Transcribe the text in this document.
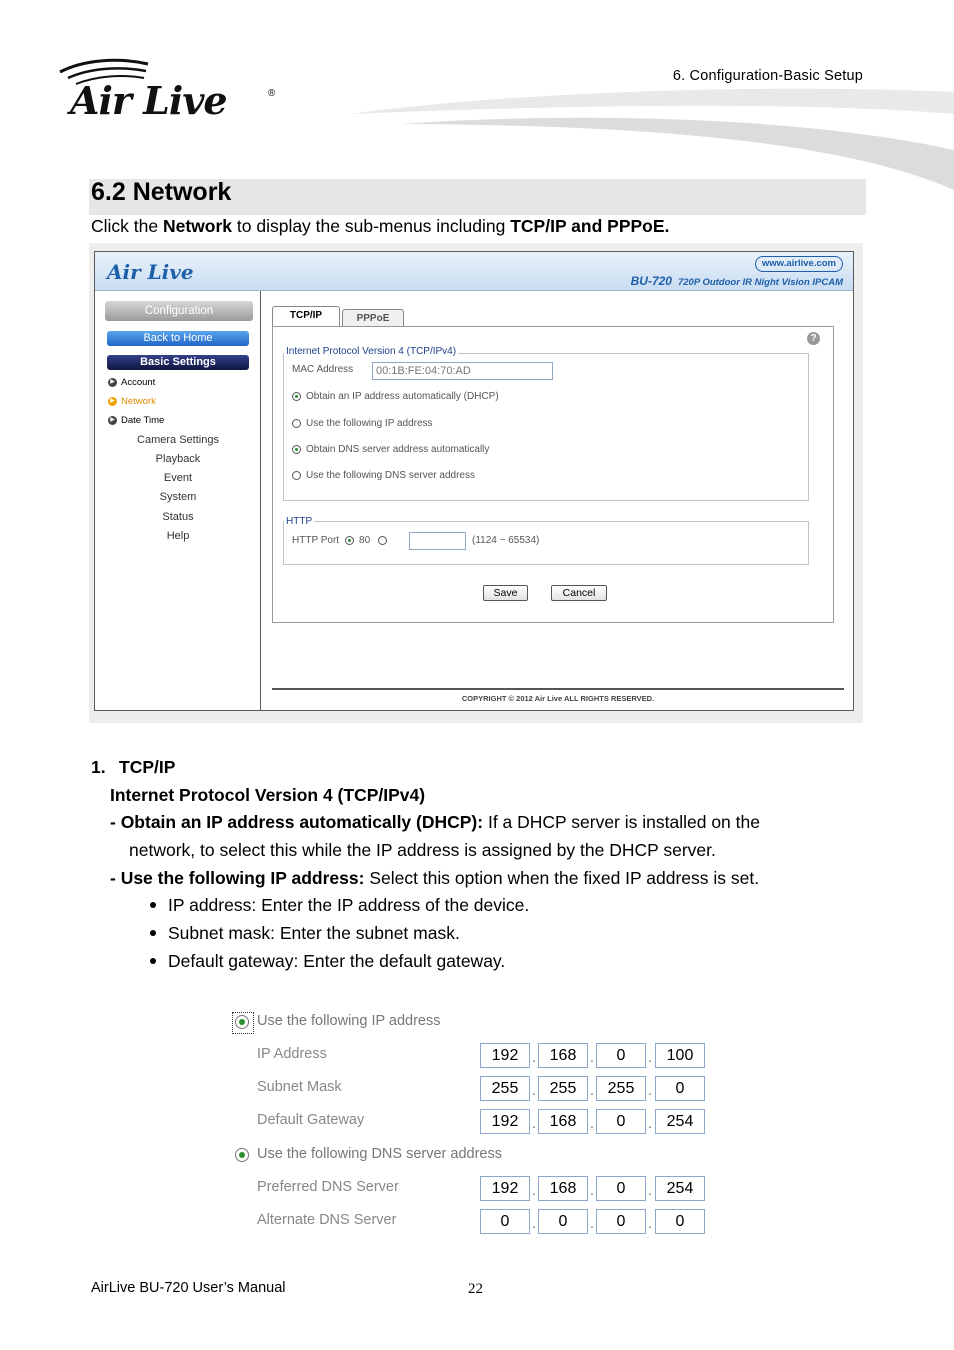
Air Live	®
6. Configuration-Basic Setup
6.2 Network
Click the Network to display the sub-menus including TCP/IP and PPPoE.
Air Live	www.airlive.com
BU-720 720P Outdoor IR Night Vision IPCAM
Configuration
Back to Home
Basic Settings
▶ Account
▶ Network
▶ Date Time
Camera Settings
Playback
Event
System
Status
Help
TCP/IP	PPPoE
?
Internet Protocol Version 4 (TCP/IPv4)
MAC Address	00:1B:FE:04:70:AD
Obtain an IP address automatically (DHCP)
Use the following IP address
Obtain DNS server address automatically
Use the following DNS server address
HTTP
HTTP Port 80	(1124 ~ 65534)
Save	Cancel
COPYRIGHT © 2012 Air Live ALL RIGHTS RESERVED.
1. TCP/IP
Internet Protocol Version 4 (TCP/IPv4)
- Obtain an IP address automatically (DHCP): If a DHCP server is installed on the
network, to select this while the IP address is assigned by the DHCP server.
- Use the following IP address: Select this option when the fixed IP address is set.
IP address: Enter the IP address of the device.
Subnet mask: Enter the subnet mask.
Default gateway: Enter the default gateway.
Use the following IP address
IP Address	192 . 168 .	0	. 100
Subnet Mask	255 . 255 . 255 .	0
Default Gateway	192 . 168 .	0	. 254
Use the following DNS server address
Preferred DNS Server	192 . 168 .	0	. 254
Alternate DNS Server	0	.	0	.	0	.	0
AirLive BU-720 User’s Manual	22
